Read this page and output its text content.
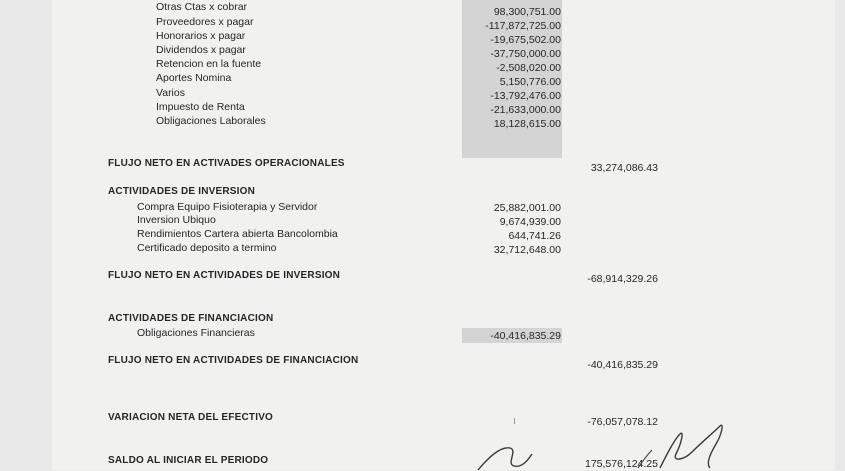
Otras Ctas x cobrar	98,300,751.00
Proveedores x pagar	-117,872,725.00
Honorarios x pagar	-19,675,502.00
Dividendos x pagar	-37,750,000.00
Retencion en la fuente	-2,508,020.00
Aportes Nomina	5,150,776.00
Varios	-13,792,476.00
Impuesto de Renta	-21,633,000.00
Obligaciones Laborales	18,128,615.00
FLUJO NETO EN ACTIVADES OPERACIONALES	33,274,086.43
ACTIVIDADES DE INVERSION
Compra Equipo Fisioterapia y Servidor	25,882,001.00
Inversion Ubiquo	9,674,939.00
Rendimientos Cartera abierta Bancolombia	644,741.26
Certificado deposito a termino	32,712,648.00
FLUJO NETO EN ACTIVIDADES DE INVERSION	-68,914,329.26
ACTIVIDADES DE FINANCIACION
Obligaciones Financieras	-40,416,835.29
FLUJO NETO EN ACTIVIDADES DE FINANCIACION	-40,416,835.29
VARIACION NETA DEL EFECTIVO	-76,057,078.12
SALDO AL INICIAR EL PERIODO	175,576,124.25
